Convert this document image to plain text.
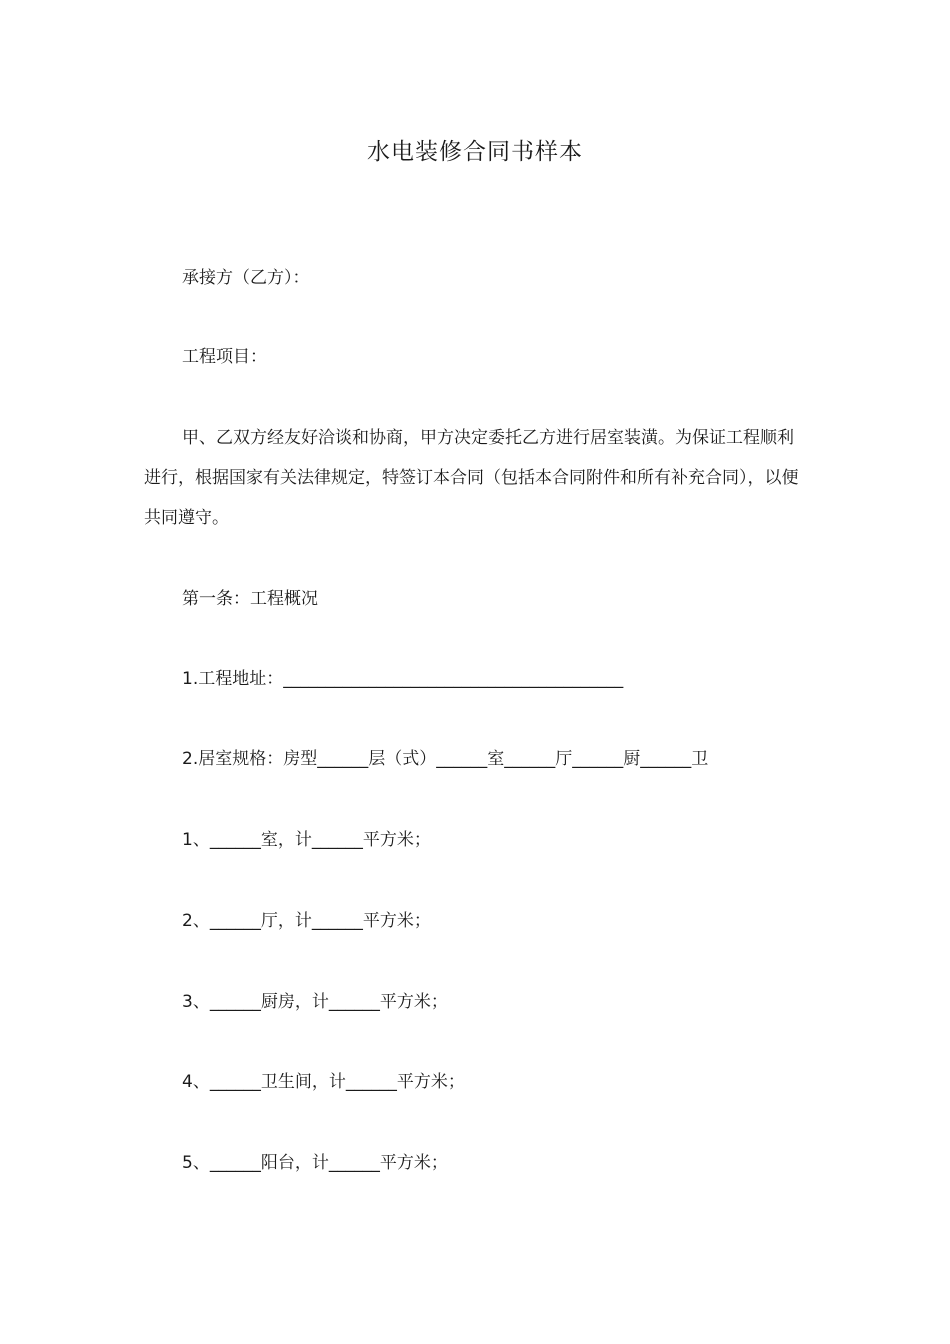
水电装修合同书样本
承接方（乙方）：
工程项目：
甲、乙双方经友好洽谈和协商，甲方决定委托乙方进行居室装潢。为保证工程顺利进行，根据国家有关法律规定，特签订本合同（包括本合同附件和所有补充合同），以便共同遵守。
第一条：工程概况
1.工程地址：________________________________________
2.居室规格：房型______层（式）______室______厅______厨______卫
1、______室，计______平方米；
2、______厅，计______平方米；
3、______厨房，计______平方米；
4、______卫生间，计______平方米；
5、______阳台，计______平方米；
